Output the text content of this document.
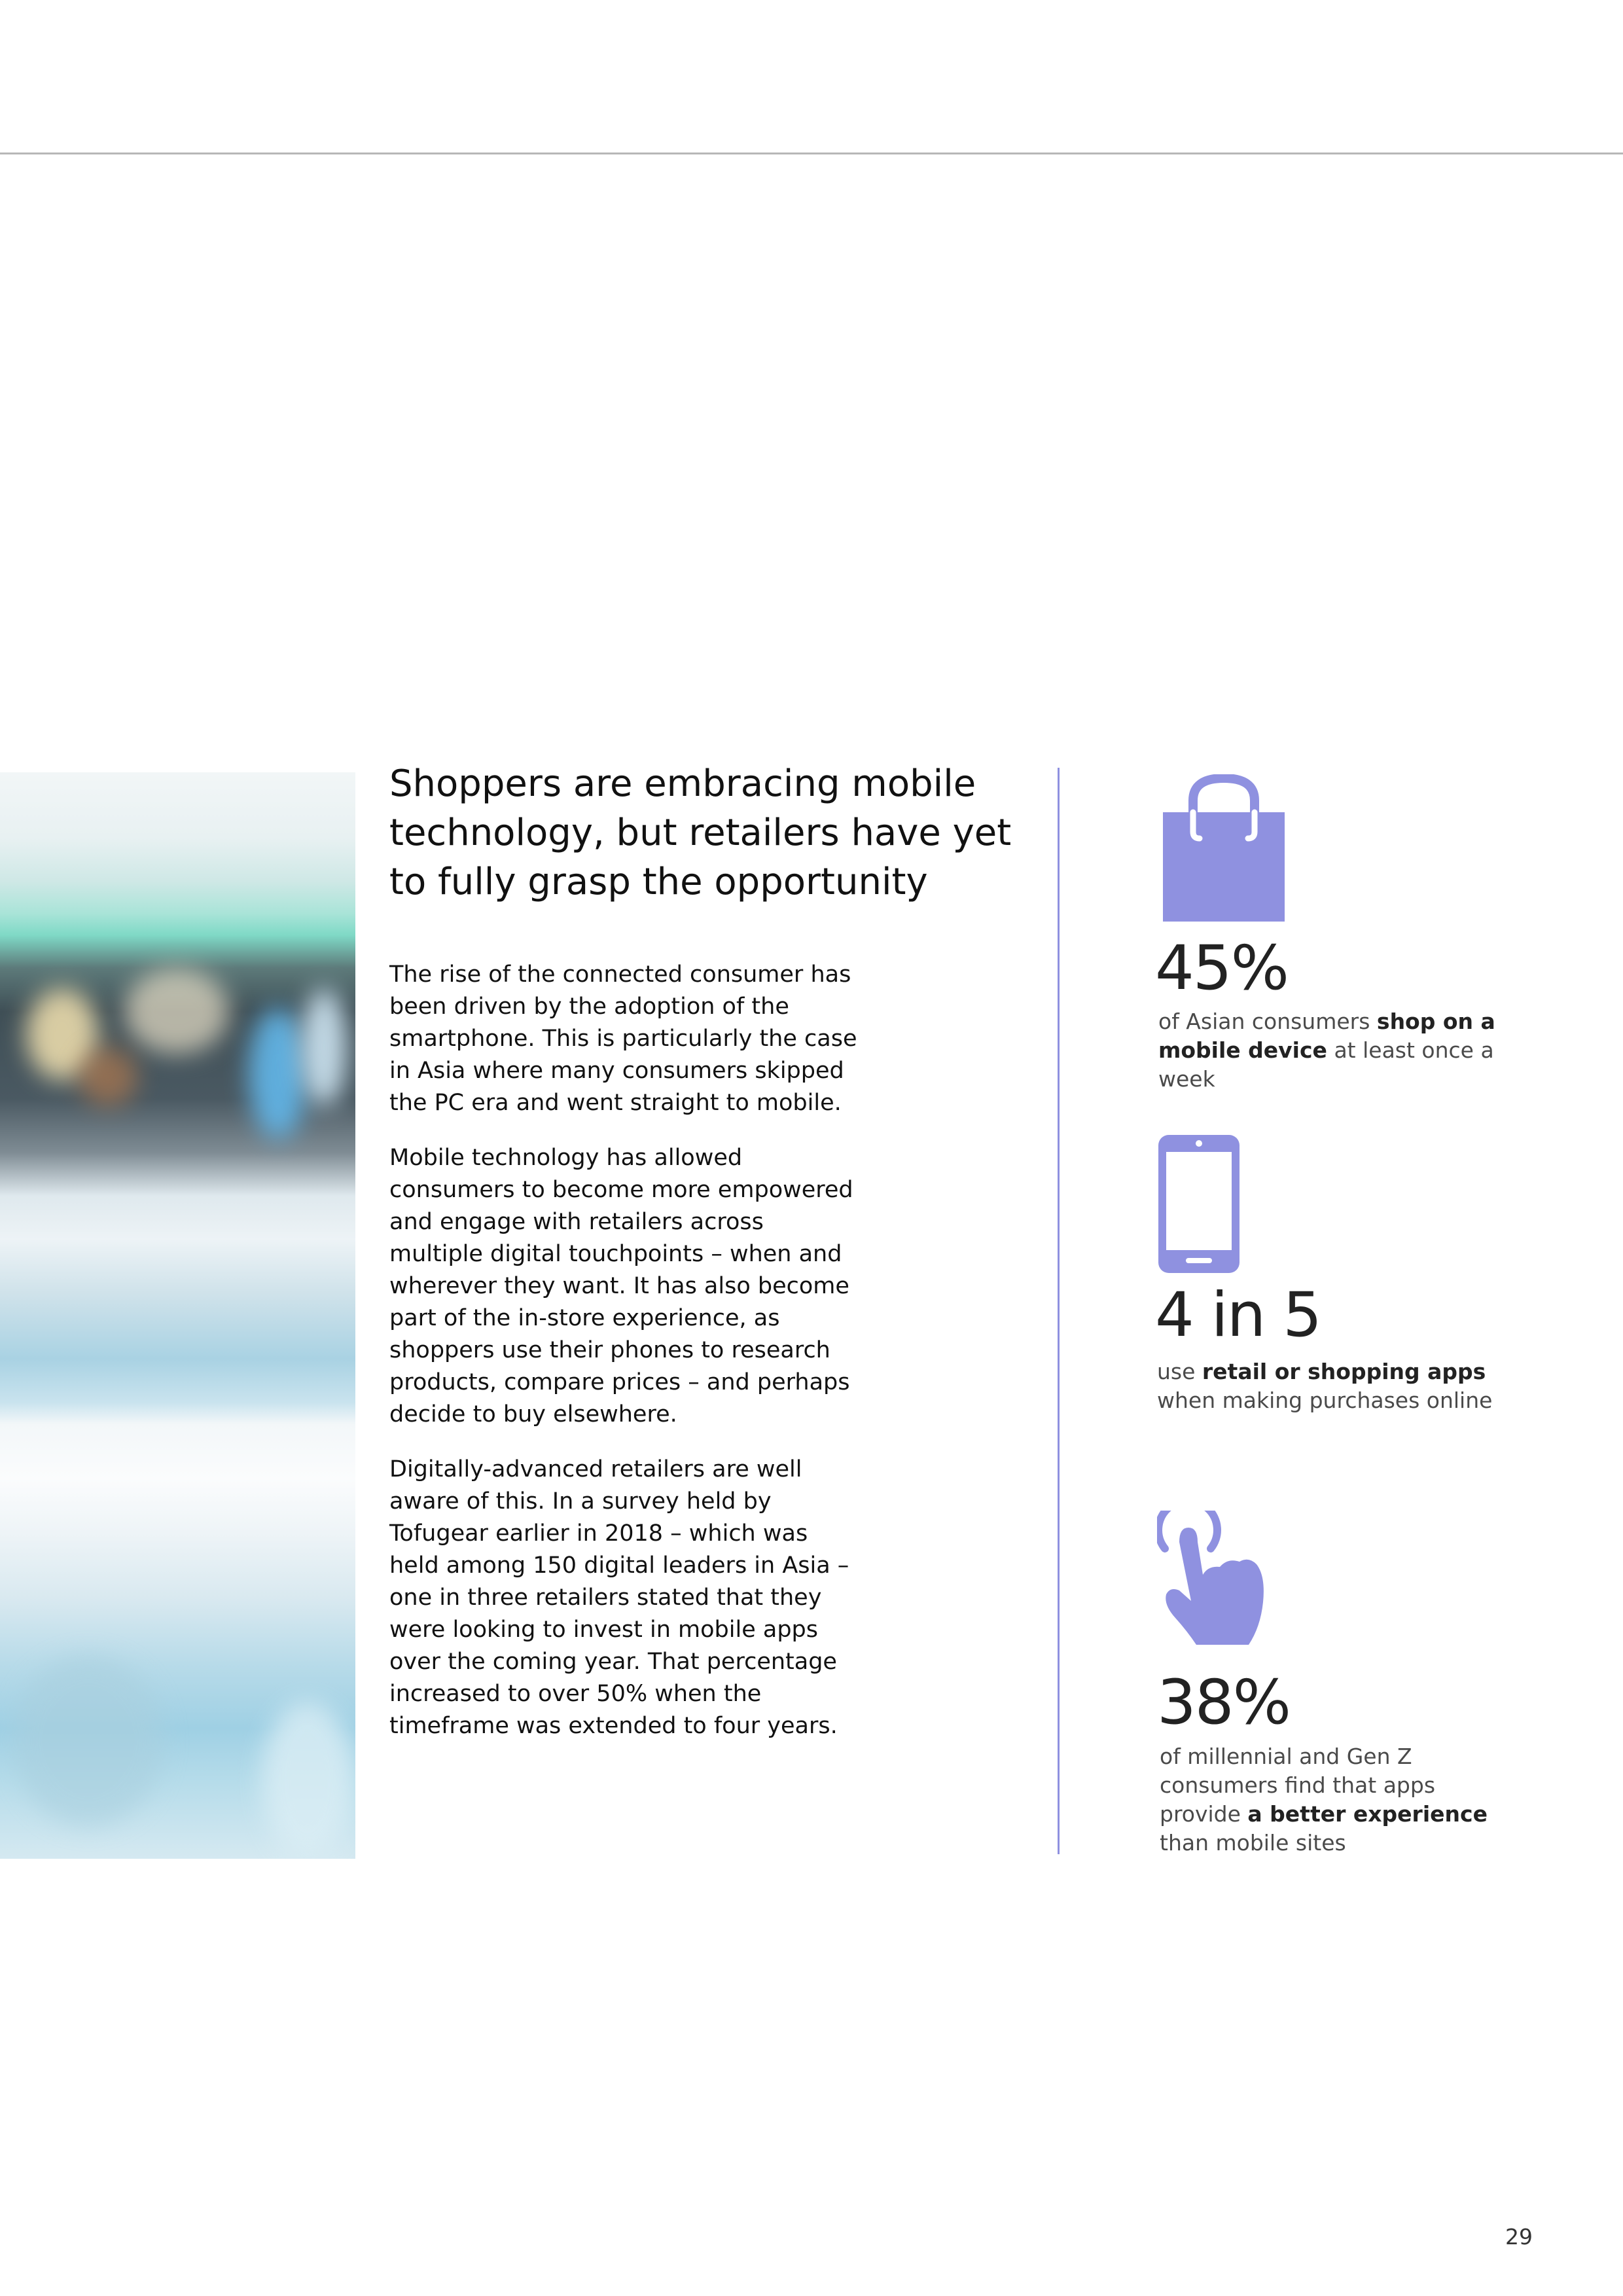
Shoppers are embracing mobile technology, but retailers have yet to fully grasp the opportunity

The rise of the connected consumer has been driven by the adoption of the smartphone. This is particularly the case in Asia where many consumers skipped the PC era and went straight to mobile.

Mobile technology has allowed consumers to become more empowered and engage with retailers across multiple digital touchpoints – when and wherever they want. It has also become part of the in-store experience, as shoppers use their phones to research products, compare prices – and perhaps decide to buy elsewhere.

Digitally-advanced retailers are well aware of this. In a survey held by Tofugear earlier in 2018 – which was held among 150 digital leaders in Asia – one in three retailers stated that they were looking to invest in mobile apps over the coming year. That percentage increased to over 50% when the timeframe was extended to four years.

45%
of Asian consumers shop on a mobile device at least once a week
4 in 5
use retail or shopping apps when making purchases online
38%
of millennial and Gen Z consumers find that apps provide a better experience than mobile sites
29
